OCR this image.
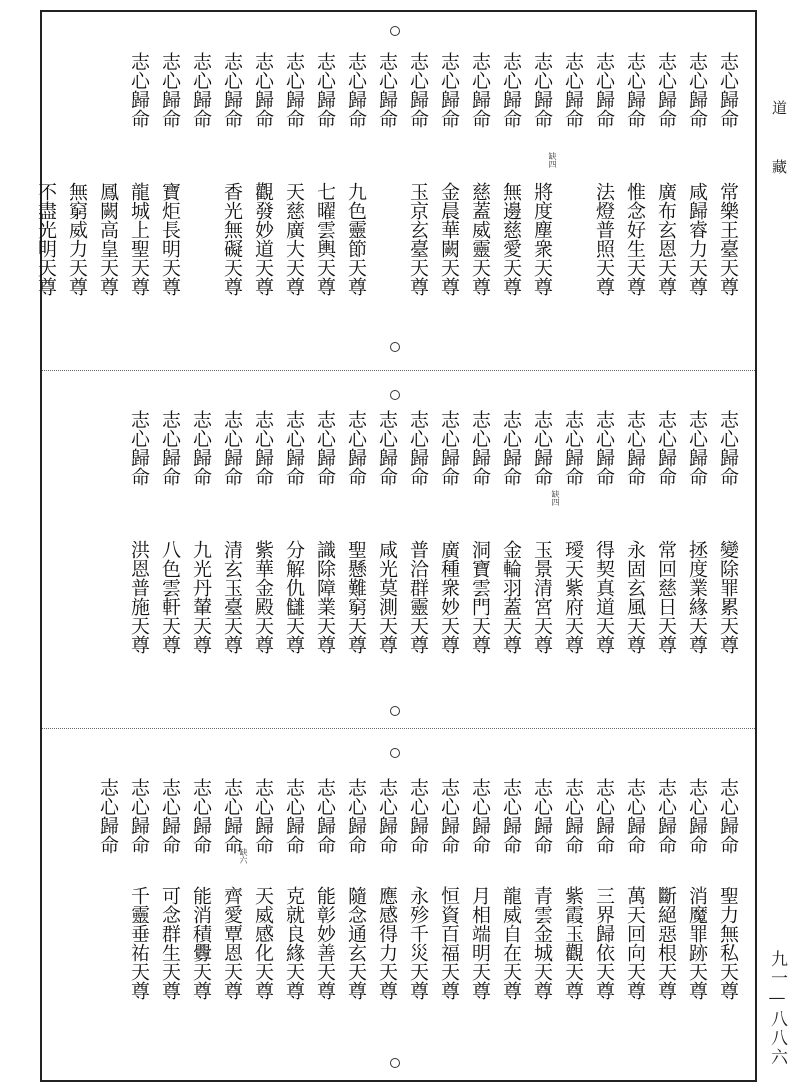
道藏
九一—八八六
志心歸命
志心歸命
志心歸命
志心歸命
志心歸命
志心歸命
志心歸命
志心歸命
志心歸命
志心歸命
志心歸命
志心歸命
志心歸命
志心歸命
志心歸命
志心歸命
志心歸命
志心歸命
志心歸命
志心歸命
常樂王臺天尊
咸歸睿力天尊
廣布玄恩天尊
惟念好生天尊
法燈普照天尊
將度塵衆天尊
無邊慈愛天尊
慈蓋威靈天尊
金晨華闕天尊
玉京玄臺天尊
九色靈節天尊
七曜雲輿天尊
天慈廣大天尊
觀發妙道天尊
香光無礙天尊
寶炬長明天尊
龍城上聖天尊
鳳闕高皇天尊
無窮威力天尊
不盡光明天尊
缺四
志心歸命
志心歸命
志心歸命
志心歸命
志心歸命
志心歸命
志心歸命
志心歸命
志心歸命
志心歸命
志心歸命
志心歸命
志心歸命
志心歸命
志心歸命
志心歸命
志心歸命
志心歸命
志心歸命
志心歸命
變除罪累天尊
拯度業緣天尊
常回慈日天尊
永固玄風天尊
得契真道天尊
璦天紫府天尊
玉景清宮天尊
金輪羽蓋天尊
洞寶雲門天尊
廣種衆妙天尊
普洽群靈天尊
咸光莫測天尊
聖懸難窮天尊
識除障業天尊
分解仇讎天尊
紫華金殿天尊
清玄玉臺天尊
九光丹輦天尊
八色雲軒天尊
洪恩普施天尊
缺四
志心歸命
志心歸命
志心歸命
志心歸命
志心歸命
志心歸命
志心歸命
志心歸命
志心歸命
志心歸命
志心歸命
志心歸命
志心歸命
志心歸命
志心歸命
志心歸命
志心歸命
志心歸命
志心歸命
志心歸命
志心歸命
聖力無私天尊
消魔罪跡天尊
斷絕惡根天尊
萬天回向天尊
三界歸依天尊
紫霞玉觀天尊
青雲金城天尊
龍威自在天尊
月相端明天尊
恒資百福天尊
永殄千災天尊
應感得力天尊
隨念通玄天尊
能彰妙善天尊
克就良緣天尊
天威感化天尊
齊愛覃恩天尊
能消積釁天尊
可念群生天尊
千靈垂祐天尊
缺六
